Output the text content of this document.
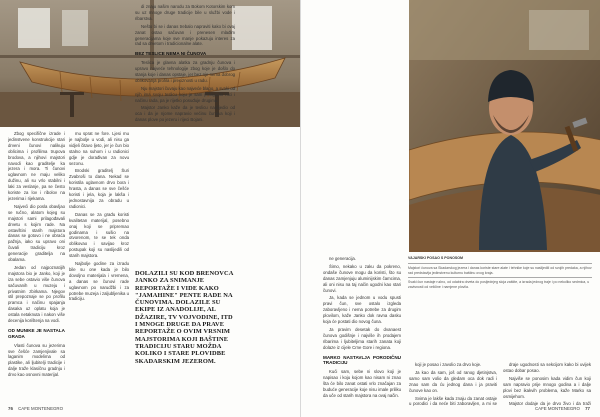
Zbog specifične izrade i jedinstvene konstrukcije stari drveni čunovi nalikuju oblicima i profilima trupova brodova, a njihovi majstori navodi kao graditelje ka jezera i mora. Ti čunovi uglavnom ne maju veliko dužinu, ali su vrlo stabilni i laki za veslanje, pa se često koriste za lov i ribolov na jezerima i rijekama.

Najveći dio posla obavljao se ručno, alatom kojeg su majstori sami prilagođavali drvetu s kojim rade. Na ostavštini starih majstora danas se gotovo i ne obraća pažnja, iako su upravo oni čuvali tradiciju kroz generacije graditelja na obalama.

Jedan od najpoznatijih majstora bio je Janko, koji je iza sebe ostavio više čunova sačuvanih u muzeju i privatnim zbirkama. Njegov stil prepoznaje se po profilu pramca i načinu spajanja dasaka uz oplatu koja je ostala netaknuta i nakon više decenija korištenja na vodi.

OD MUNIKE JE NASTALA GRADA

Vlasti čunova su jezerima sve češće zamjenjivale sa laganim modelima od plastike, ali ljubitelji tradicije i dalje traže klasičnu gradnju i drvo kao osnovni materijal.

mu sprat ne fore. Ljesi mu je najbolje u vodi, ali nisu ga vidjeli čitavo ljeto, jer je čun bio stalno na suhom i u radionici gdje je dorađivan za novu sezonu.

Brodski graditelj Šuri Zvabroši to dana. Nekad se koristila uglavnom drvo bora i hrasta, a danas se sve češće koristi i jela, koja je lakša i jednostavnija za obradu u radionici.

Danas se za građu koristi kvalitetan materijal, posebno onaj koji se pripremao godinama i sušio na otvorenom, te se tek onda oblikovao i savijao kroz postupak koji su naslijedili od starih majstora.

Najbolje godine za izradu bile su one kada je bilo dovoljno materijala i vremena, a danas se čunovi rade uglavnom po narudžbi i za potrebe muzeja i zaljubljenika u tradiciju.

di znaju našim narodu za Bokom Kotorskim kom su uz mnoge druge tradicije bile u službi vode i ribarstva.

Nešto bi se i danas trebalo napraviti kako bi ovaj zanat ostao sačuvan i prenesen mlađim generacijama koje sve manje pokazuju interes za rad sa drvetom i tradicionalne alate.

BEZ TESLICE NEMA NI ČUNOVA

Teslica je glavna alatka za gradnju čunova i upravo najveće tehnologije zbog koje je došlo do stanja koje i danas opstaje, jer bez nje nema dobrog oblikovanja profila i preciznosti u radu.

Nju majstori čuvaju kao najveće blago, a svaki od njih ima svoju teslicu koju je sam prilagodio ruci i načinu rada, pa je rijetko posuđuje drugima.

Majstor Janko kaže da je teslicu naslijedio od oca i da je njome napravio većinu čunova koji i danas plove po jezeru i rijeci Bojani.

DOLAZILI SU KOD BRENOVCA JANKO ZA SNIMANJE REPORTAŽE I VIDE KAKO "JAMAHINE" PENTE RADE NA ČUNOVIMA. DOLAZILE SU EKIPE IZ ANADOLIJE, AL DŽAZIRE, TV VOJVODINE, ITD I MNOGE DRUGE DA PRAVE REPORTAŽE O OVIM VRSNIM MAJSTORIMA KOJI BAŠTINE TRADICIJU STARU MOŽDA KOLIKO I STARE PLOVIDBE SKADARSKIM JEZEROM.
76 CAFE MONTENEGRO

ne generacija.

Šimo, nekako u zaku da pokreno, ondaše čunove mogu da koristi, što su danas zamjenjuju aluminijskim čamcima, ali oni nisu na taj način ugodni kao stari čunovi.

Ja, kada se jednom u vodu spusti pravi čun, sve ostalo izgleda zaboravljeno i nema potrebe za drugim plovilom, kaže Janko dok ravna dasku koja će postati dio novog čuna.

Ja pravim desetak do dvanaest čunova godišnje i najviše ih prodajem ribarima i ljubiteljima starih zanata koji dolaze iz cijele Crne Gore i regiona.

MARKO NASTAVLJA PORODIČNU TRADICIJU

Kući sam, sebe ni slovo koji je napisao i koju kojom kao nisam ni znao šta će bilo zanat ostati vrlo značajan za buduće generacije koje nisu imale priliku da uče od starih majstora na ovaj način.

koji je posao i zavolio za drvo koje.

Ja kao da sam, još od ranog djetinjstva, samo sam volio da gledam oca dok radi i znao sam da ću jednog dana i ja praviti čunove kao on.

Svima je lakše kada znaju da zanat ostaje u porodici i da neće biti zaboravljen, a mi se

draje ugodnosti sa sekcijom kako bi uvijek ostao dobar posao.

Najviše se ponosim kada vidim čun koji sam napravio prije mnogo godina a i dalje plovi bez ikakvih problema, kaže Marko sa osmijehom.

Majstor dodaje da je drvo živo i da traži

CAFE MONTENEGRO 77
VAJARSKI POSAO S PONOSOM
Majstori čunova sa Skadarskog jezera i danas koriste stare alate i tehnike koje su naslijedili od svojih predaka, a njihov rad predstavlja jedinstvenu kulturnu baštinu ovog kraja.
Svaki čun nastaje ručno, od odabira drveta do posljednjeg sloja zaštite, a izrada jednog traje i po nekoliko sedmica, u zavisnosti od veličine i namjene plovila.
